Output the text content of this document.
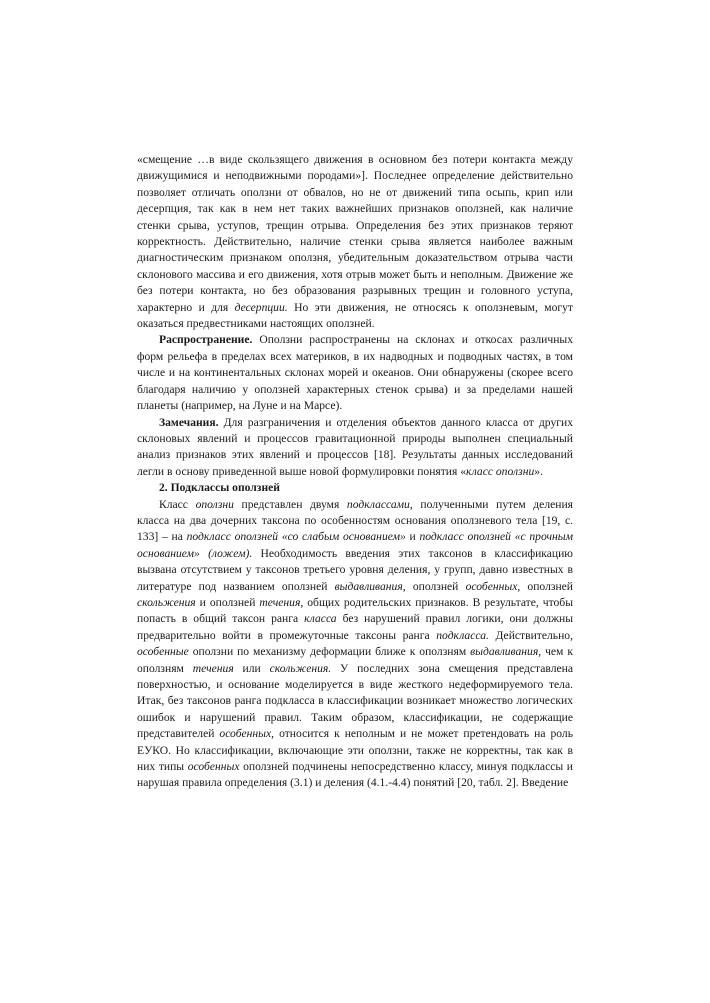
«смещение …в виде скользящего движения в основном без потери контакта между движущимися и неподвижными породами»]. Последнее определение действительно позволяет отличать оползни от обвалов, но не от движений типа осыпь, крип или десерпция, так как в нем нет таких важнейших признаков оползней, как наличие стенки срыва, уступов, трещин отрыва. Определения без этих признаков теряют корректность. Действительно, наличие стенки срыва является наиболее важным диагностическим признаком оползня, убедительным доказательством отрыва части склонового массива и его движения, хотя отрыв может быть и неполным. Движение же без потери контакта, но без образования разрывных трещин и головного уступа, характерно и для десерпции. Но эти движения, не относясь к оползневым, могут оказаться предвестниками настоящих оползней.

Распространение. Оползни распространены на склонах и откосах различных форм рельефа в пределах всех материков, в их надводных и подводных частях, в том числе и на континентальных склонах морей и океанов. Они обнаружены (скорее всего благодаря наличию у оползней характерных стенок срыва) и за пределами нашей планеты (например, на Луне и на Марсе).

Замечания. Для разграничения и отделения объектов данного класса от других склоновых явлений и процессов гравитационной природы выполнен специальный анализ признаков этих явлений и процессов [18]. Результаты данных исследований легли в основу приведенной выше новой формулировки понятия «класс оползни».

2. Подклассы оползней

Класс оползни представлен двумя подклассами, полученными путем деления класса на два дочерних таксона по особенностям основания оползневого тела [19, с. 133] – на подкласс оползней «со слабым основанием» и подкласс оползней «с прочным основанием» (ложем). Необходимость введения этих таксонов в классификацию вызвана отсутствием у таксонов третьего уровня деления, у групп, давно известных в литературе под названием оползней выдавливания, оползней особенных, оползней скольжения и оползней течения, общих родительских признаков. В результате, чтобы попасть в общий таксон ранга класса без нарушений правил логики, они должны предварительно войти в промежуточные таксоны ранга подкласса. Действительно, особенные оползни по механизму деформации ближе к оползням выдавливания, чем к оползням течения или скольжения. У последних зона смещения представлена поверхностью, и основание моделируется в виде жесткого недеформируемого тела. Итак, без таксонов ранга подкласса в классификации возникает множество логических ошибок и нарушений правил. Таким образом, классификации, не содержащие представителей особенных, относится к неполным и не может претендовать на роль ЕУКО. Но классификации, включающие эти оползни, также не корректны, так как в них типы особенных оползней подчинены непосредственно классу, минуя подклассы и нарушая правила определения (3.1) и деления (4.1.-4.4) понятий [20, табл. 2]. Введение
